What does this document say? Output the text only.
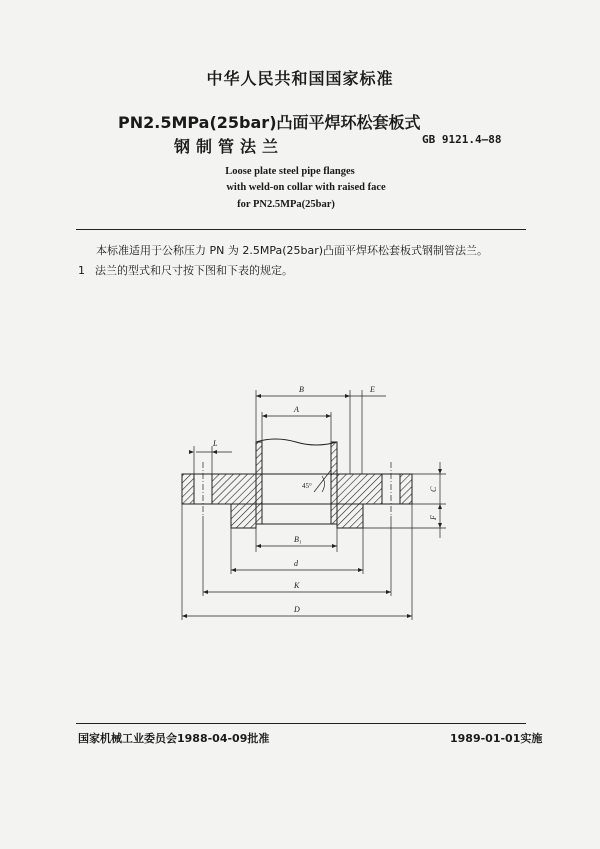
中华人民共和国国家标准
PN2.5MPa(25bar)凸面平焊环松套板式
钢制管法兰	GB 9121.4—88
Loose plate steel pipe flanges
with weld-on collar with raised face
for PN2.5MPa(25bar)
本标准适用于公称压力 PN 为 2.5MPa(25bar)凸面平焊环松套板式钢制管法兰。
1 法兰的型式和尺寸按下图和下表的规定。
B	E
A
L
45°	C
F
B₁
d
K
D
国家机械工业委员会1988-04-09批准	1989-01-01实施
